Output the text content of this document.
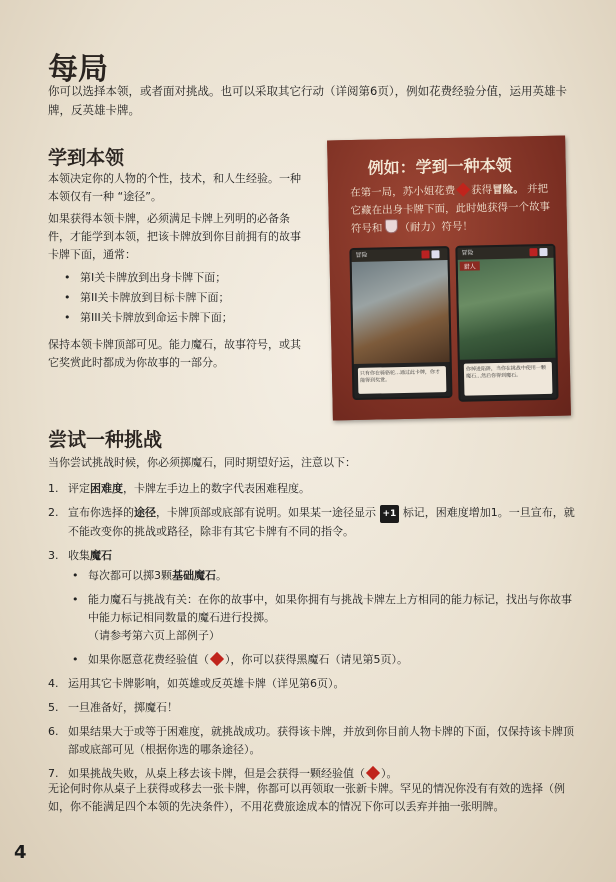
每局
你可以选择本领，或者面对挑战。也可以采取其它行动（详阅第6页），例如花费经验分值，运用英雄卡牌，反英雄卡牌。
学到本领

本领决定你的人物的个性，技术，和人生经验。一种本领仅有一种 “途径”。

如果获得本领卡牌，必须满足卡牌上列明的必备条件，才能学到本领，把该卡牌放到你目前拥有的故事卡牌下面，通常：

• 第I关卡牌放到出身卡牌下面；
• 第II关卡牌放到目标卡牌下面；
• 第III关卡牌放到命运卡牌下面；

保持本领卡牌顶部可见。能力魔石，故事符号，或其它奖赏此时都成为你故事的一部分。

例如：学到一种本领
在第一局，苏小姐花费 获得冒险。 并把它藏在出身卡牌下面，此时她获得一个故事符号和 （耐力）符号！
冒险
只有你在骑骆驼…通过此卡牌，你才能得到奖赏。
冒险
猎人
你掉进陷阱，当你在挑战中使用一颗魔石…然后你得到魔石。
尝试一种挑战

当你尝试挑战时候，你必须掷魔石，同时期望好运，注意以下：

1. 评定困难度，卡牌左手边上的数字代表困难程度。
2. 宣布你选择的途径，卡牌顶部或底部有说明。如果某一途径显示 +1 标记，困难度增加1。一旦宣布，就不能改变你的挑战或路径，除非有其它卡牌有不同的指令。
3. 收集魔石
• 每次都可以掷3颗基础魔石。
• 能力魔石与挑战有关：在你的故事中，如果你拥有与挑战卡牌左上方相同的能力标记，找出与你故事中能力标记相同数量的魔石进行投掷。
（请参考第六页上部例子）
• 如果你愿意花费经验值（ ），你可以获得黑魔石（请见第5页）。
4. 运用其它卡牌影响，如英雄或反英雄卡牌（详见第6页）。
5. 一旦准备好，掷魔石！
6. 如果结果大于或等于困难度，就挑战成功。获得该卡牌，并放到你目前人物卡牌的下面，仅保持该卡牌顶部或底部可见（根据你选的哪条途径）。
7. 如果挑战失败，从桌上移去该卡牌，但是会获得一颗经验值（ ）。

无论何时你从桌子上获得或移去一张卡牌，你都可以再领取一张新卡牌。罕见的情况你没有有效的选择（例如，你不能满足四个本领的先决条件），不用花费旅途成本的情况下你可以丢弃并抽一张明牌。

4
